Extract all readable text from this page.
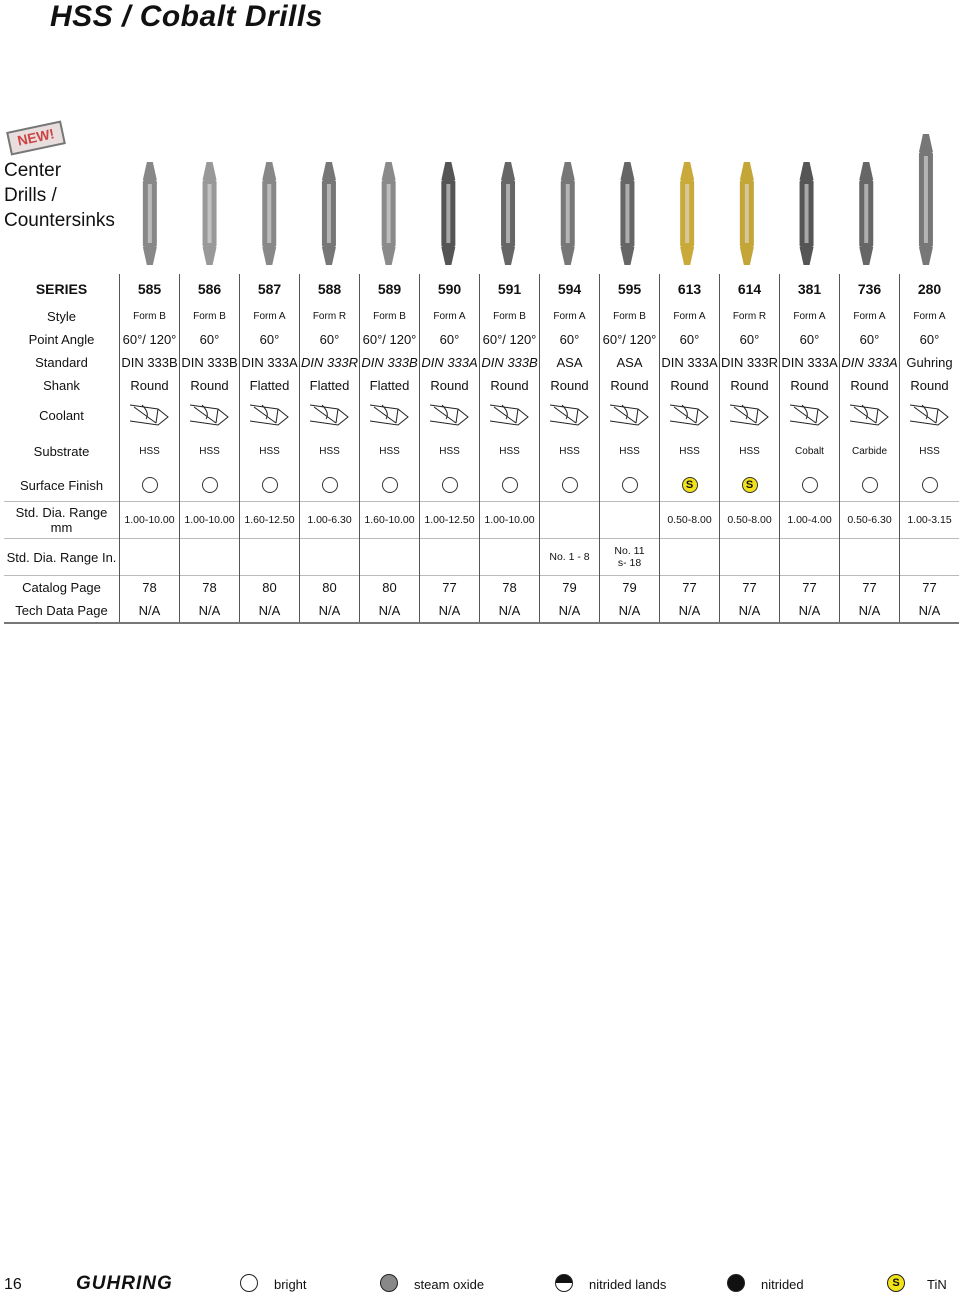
HSS / Cobalt Drills
NEW!
Center
Drills /
Countersinks
SERIES	585	586	587	588	589	590	591	594	595	613	614	381	736	280
Style	Form B	Form B	Form A	Form R	Form B	Form A	Form B	Form A	Form B	Form A	Form R	Form A	Form A	Form A
Point Angle	60°/ 120°	60°	60°	60°	60°/ 120°	60°	60°/ 120°	60°	60°/ 120°	60°	60°	60°	60°	60°
Standard	DIN 333B	DIN 333B	DIN 333A	DIN 333R	DIN 333B	DIN 333A	DIN 333B	ASA	ASA	DIN 333A	DIN 333R	DIN 333A	DIN 333A	Guhring
Shank	Round	Round	Flatted	Flatted	Flatted	Round	Round	Round	Round	Round	Round	Round	Round	Round
Coolant														
Substrate	HSS	HSS	HSS	HSS	HSS	HSS	HSS	HSS	HSS	HSS	HSS	Cobalt	Carbide	HSS
Surface Finish										S	S			
Std. Dia. Range mm	1.00-10.00	1.00-10.00	1.60-12.50	1.00-6.30	1.60-10.00	1.00-12.50	1.00-10.00			0.50-8.00	0.50-8.00	1.00-4.00	0.50-6.30	1.00-3.15
Std. Dia. Range In.								No. 1 - 8	No. 11
s- 18					

Catalog Page	78	78	80	80	80	77	78	79	79	77	77	77	77	77
Tech Data Page	N/A	N/A	N/A	N/A	N/A	N/A	N/A	N/A	N/A	N/A	N/A	N/A	N/A	N/A
16	GUHRING	bright	steam oxide	nitrided lands	nitrided	S	TiN
